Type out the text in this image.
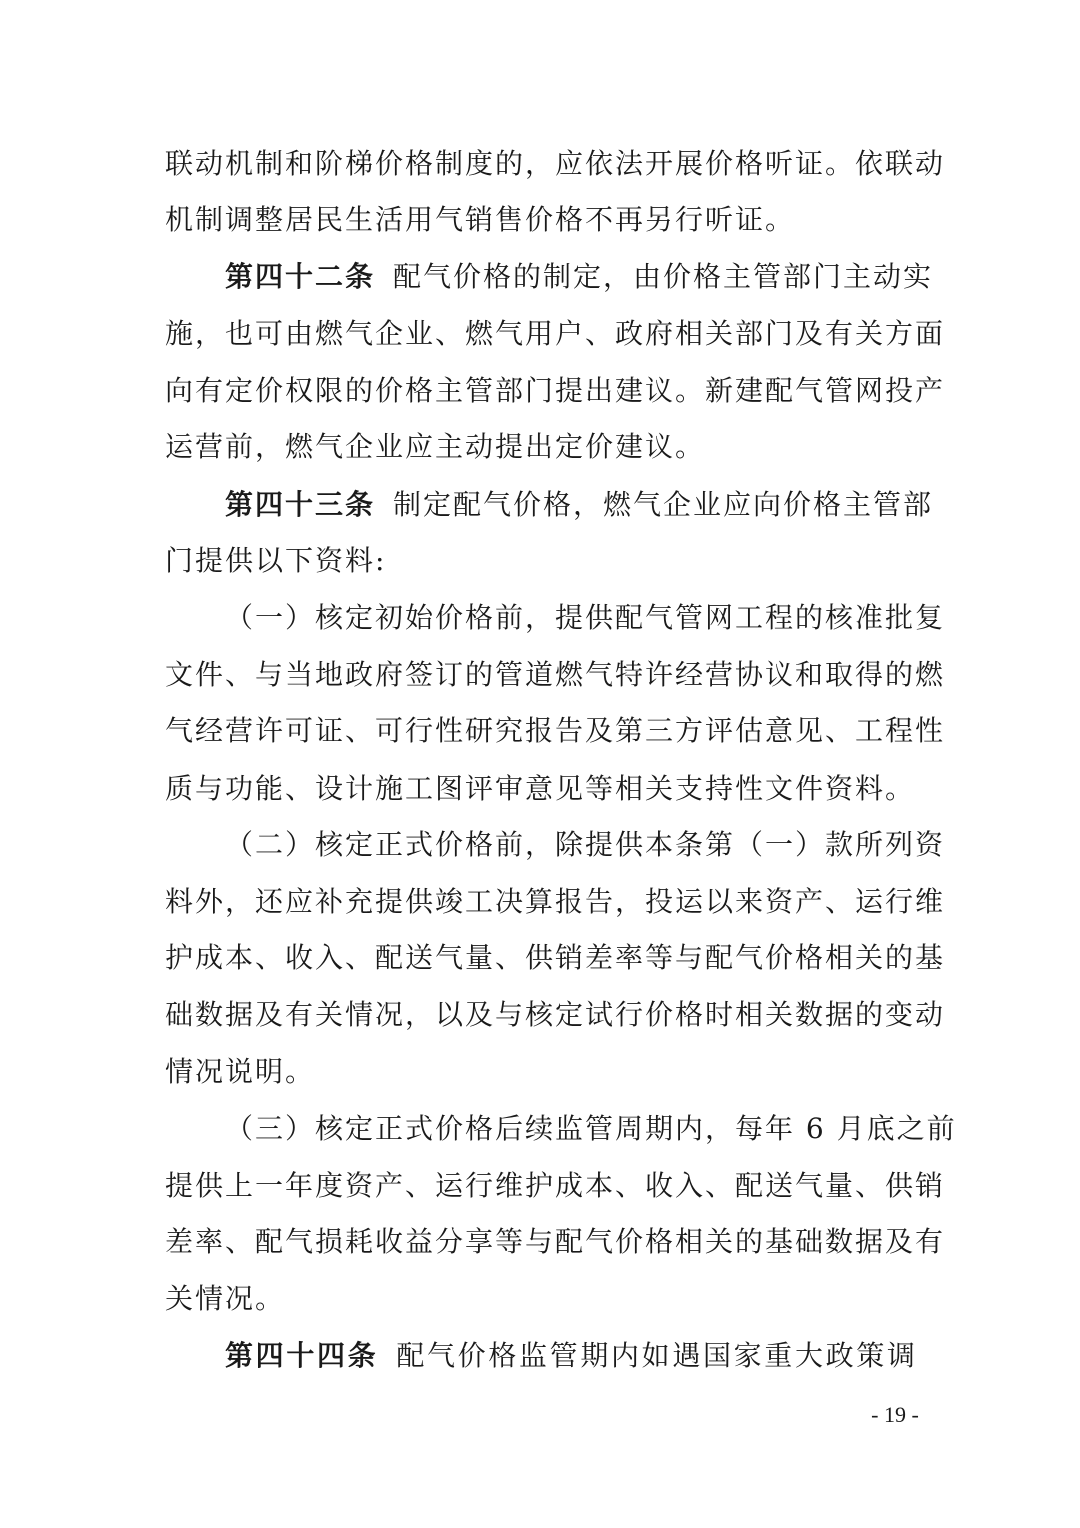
联动机制和阶梯价格制度的，应依法开展价格听证。依联动
机制调整居民生活用气销售价格不再另行听证。
第四十二条 配气价格的制定，由价格主管部门主动实
施，也可由燃气企业、燃气用户、政府相关部门及有关方面
向有定价权限的价格主管部门提出建议。新建配气管网投产
运营前，燃气企业应主动提出定价建议。
第四十三条 制定配气价格，燃气企业应向价格主管部
门提供以下资料:
（一）核定初始价格前，提供配气管网工程的核准批复
文件、与当地政府签订的管道燃气特许经营协议和取得的燃
气经营许可证、可行性研究报告及第三方评估意见、工程性
质与功能、设计施工图评审意见等相关支持性文件资料。
（二）核定正式价格前，除提供本条第（一）款所列资
料外，还应补充提供竣工决算报告，投运以来资产、运行维
护成本、收入、配送气量、供销差率等与配气价格相关的基
础数据及有关情况，以及与核定试行价格时相关数据的变动
情况说明。
（三）核定正式价格后续监管周期内，每年 6 月底之前
提供上一年度资产、运行维护成本、收入、配送气量、供销
差率、配气损耗收益分享等与配气价格相关的基础数据及有
关情况。
第四十四条 配气价格监管期内如遇国家重大政策调
- 19 -
